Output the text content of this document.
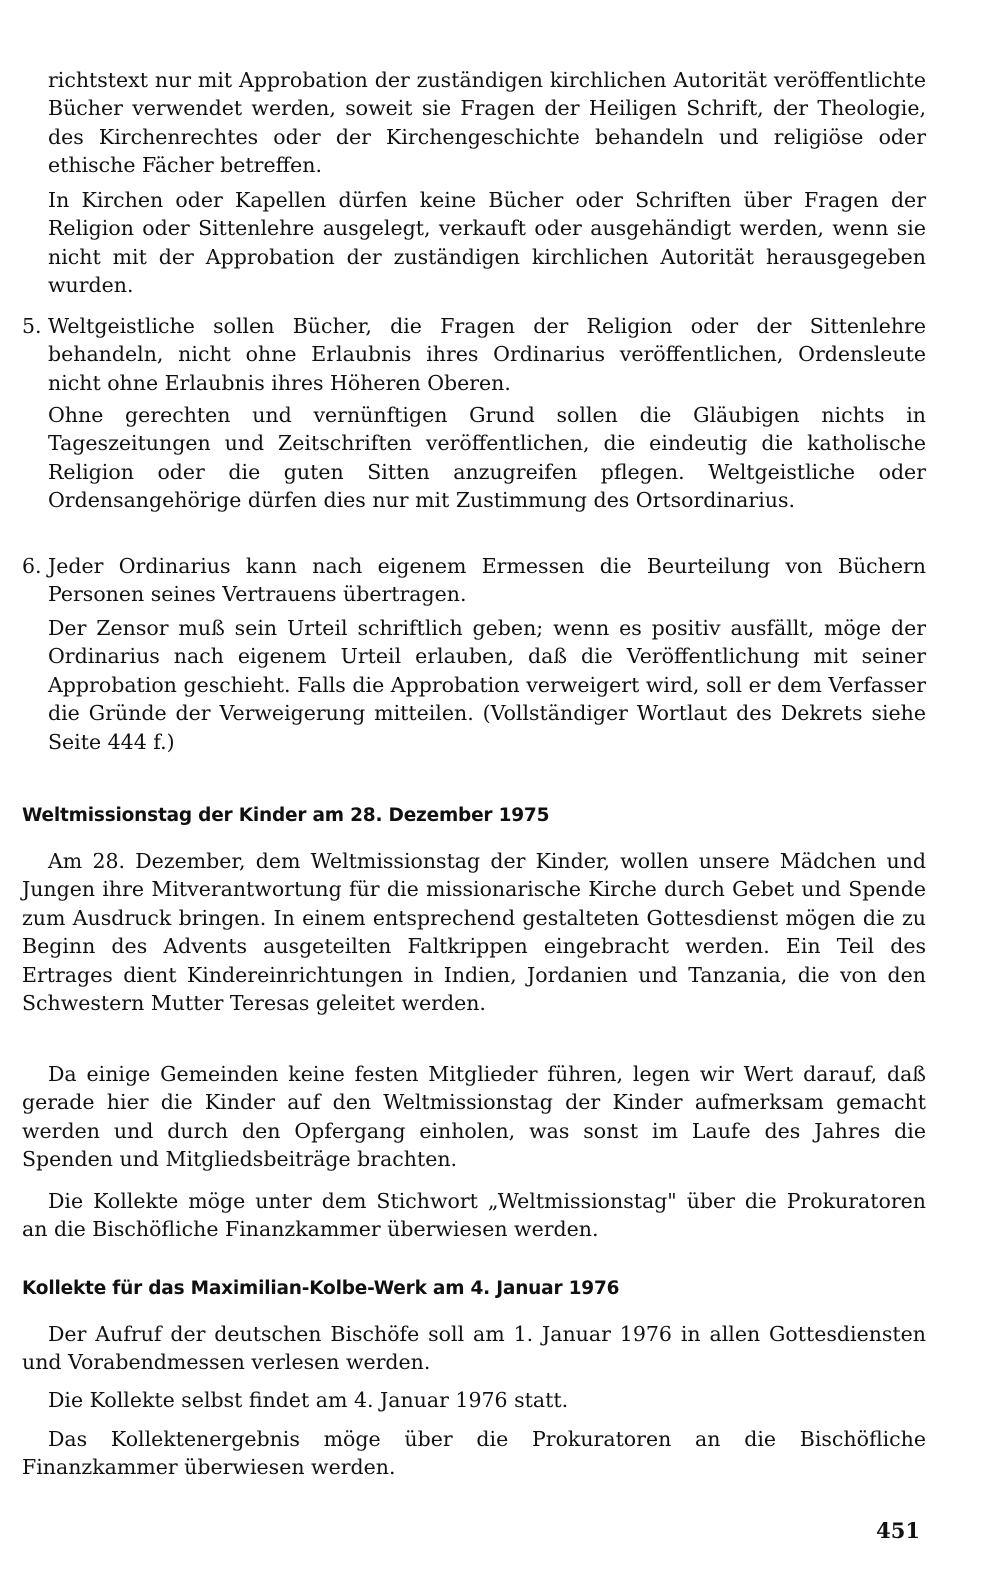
richtstext nur mit Approbation der zuständigen kirchlichen Autorität veröffentlichte Bücher verwendet werden, soweit sie Fragen der Heiligen Schrift, der Theologie, des Kirchenrechtes oder der Kirchengeschichte behandeln und religiöse oder ethische Fächer betreffen.

In Kirchen oder Kapellen dürfen keine Bücher oder Schriften über Fragen der Religion oder Sittenlehre ausgelegt, verkauft oder ausgehändigt werden, wenn sie nicht mit der Approbation der zuständigen kirchlichen Autorität herausgegeben wurden.

5. Weltgeistliche sollen Bücher, die Fragen der Religion oder der Sittenlehre behandeln, nicht ohne Erlaubnis ihres Ordinarius veröffentlichen, Ordensleute nicht ohne Erlaubnis ihres Höheren Oberen.

Ohne gerechten und vernünftigen Grund sollen die Gläubigen nichts in Tageszeitungen und Zeitschriften veröffentlichen, die eindeutig die katholische Religion oder die guten Sitten anzugreifen pflegen. Weltgeistliche oder Ordensangehörige dürfen dies nur mit Zustimmung des Ortsordinarius.

6. Jeder Ordinarius kann nach eigenem Ermessen die Beurteilung von Büchern Personen seines Vertrauens übertragen.

Der Zensor muß sein Urteil schriftlich geben; wenn es positiv ausfällt, möge der Ordinarius nach eigenem Urteil erlauben, daß die Veröffentlichung mit seiner Approbation geschieht. Falls die Approbation verweigert wird, soll er dem Verfasser die Gründe der Verweigerung mitteilen. (Vollständiger Wortlaut des Dekrets siehe Seite 444 f.)

Weltmissionstag der Kinder am 28. Dezember 1975

Am 28. Dezember, dem Weltmissionstag der Kinder, wollen unsere Mädchen und Jungen ihre Mitverantwortung für die missionarische Kirche durch Gebet und Spende zum Ausdruck bringen. In einem entsprechend gestalteten Gottesdienst mögen die zu Beginn des Advents ausgeteilten Faltkrippen eingebracht werden. Ein Teil des Ertrages dient Kindereinrichtungen in Indien, Jordanien und Tanzania, die von den Schwestern Mutter Teresas geleitet werden.

Da einige Gemeinden keine festen Mitglieder führen, legen wir Wert darauf, daß gerade hier die Kinder auf den Weltmissionstag der Kinder aufmerksam gemacht werden und durch den Opfergang einholen, was sonst im Laufe des Jahres die Spenden und Mitgliedsbeiträge brachten.

Die Kollekte möge unter dem Stichwort „Weltmissionstag" über die Prokuratoren an die Bischöfliche Finanzkammer überwiesen werden.

Kollekte für das Maximilian-Kolbe-Werk am 4. Januar 1976

Der Aufruf der deutschen Bischöfe soll am 1. Januar 1976 in allen Gottesdiensten und Vorabendmessen verlesen werden.

Die Kollekte selbst findet am 4. Januar 1976 statt.

Das Kollektenergebnis möge über die Prokuratoren an die Bischöfliche Finanzkammer überwiesen werden.

451
